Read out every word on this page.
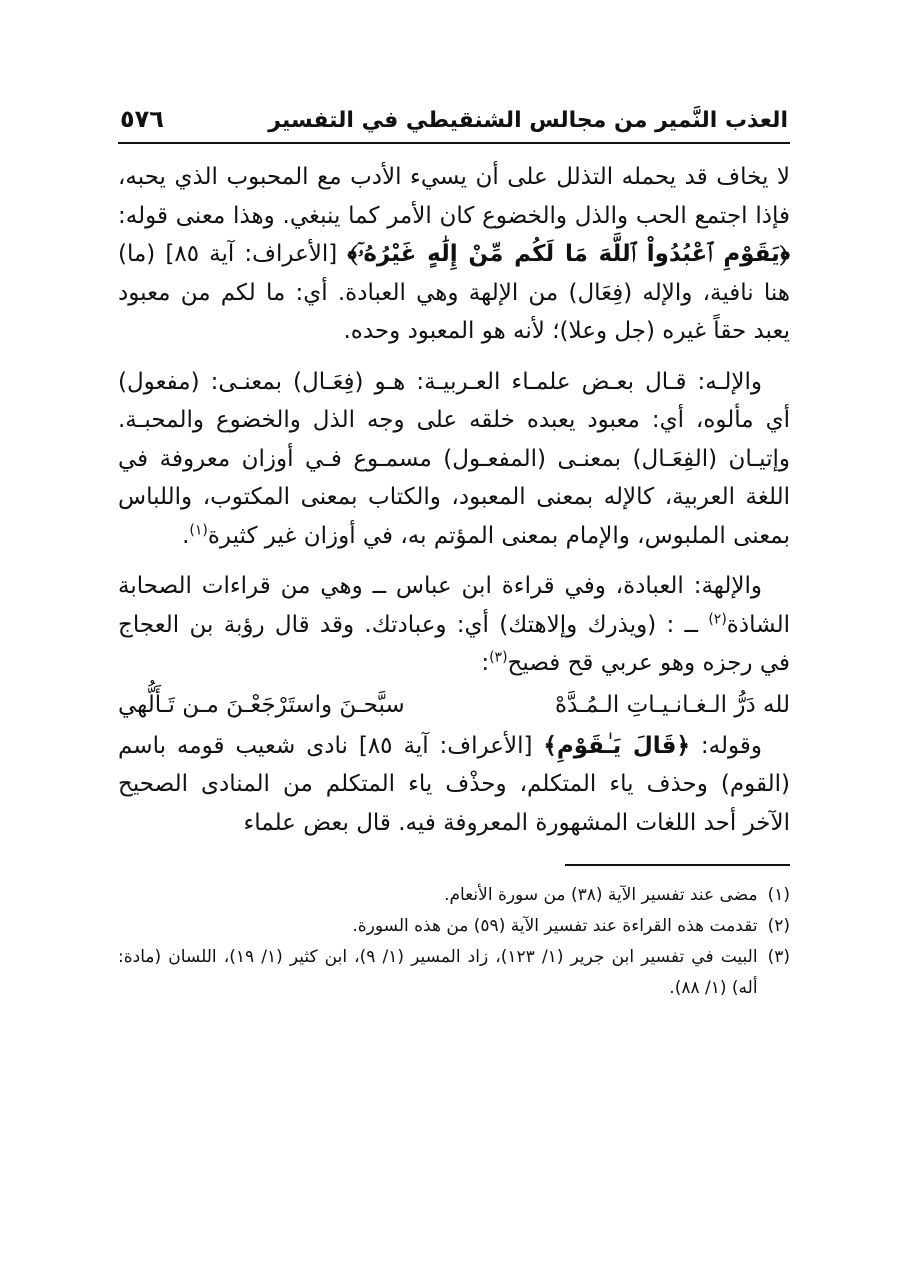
العذب النَّمير من مجالس الشنقيطي في التفسير
٥٧٦

لا يخاف قد يحمله التذلل على أن يسيء الأدب مع المحبوب الذي يحبه، فإذا اجتمع الحب والذل والخضوع كان الأمر كما ينبغي. وهذا معنى قوله: ﴿يَقَوْمِ ٱعْبُدُواْ ٱللَّهَ مَا لَكُم مِّنْ إِلَٰهٍ غَيْرُهُۥٓ﴾ [الأعراف: آية ٨٥] (ما) هنا نافية، والإله (فِعَال) من الإلهة وهي العبادة. أي: ما لكم من معبود يعبد حقاً غيره (جل وعلا)؛ لأنه هو المعبود وحده.

والإلـه: قـال بعـض علمـاء العـربيـة: هـو (فِعَـال) بمعنـى: (مفعول) أي مألوه، أي: معبود يعبده خلقه على وجه الذل والخضوع والمحبـة. وإتيـان (الفِعَـال) بمعنـى (المفعـول) مسمـوع فـي أوزان معروفة في اللغة العربية، كالإله بمعنى المعبود، والكتاب بمعنى المكتوب، واللباس بمعنى الملبوس، والإمام بمعنى المؤتم به، في أوزان غير كثيرة$^{(١)}$.

والإلهة: العبادة، وفي قراءة ابن عباس ــ وهي من قراءات الصحابة الشاذة$^{(٢)}$ ــ : (ويذرك وإلاهتك) أي: وعبادتك. وقد قال رؤبة بن العجاج في رجزه وهو عربي قح فصيح$^{(٣)}$:

لله دَرُّ الـغـانـيـاتِ الـمُـدَّهْ
سبَّحـنَ واستَرْجَعْـنَ مـن تَـأَلُّهي

وقوله: ﴿قَالَ يَـٰقَوْمِ﴾ [الأعراف: آية ٨٥] نادى شعيب قومه باسم (القوم) وحذف ياء المتكلم، وحذْف ياء المتكلم من المنادى الصحيح الآخر أحد اللغات المشهورة المعروفة فيه. قال بعض علماء

(١)
مضى عند تفسير الآية (٣٨) من سورة الأنعام.
(٢)
تقدمت هذه القراءة عند تفسير الآية (٥٩) من هذه السورة.
(٣)
البيت في تفسير ابن جرير (١/ ١٢٣)، زاد المسير (١/ ٩)، ابن كثير (١/ ١٩)، اللسان (مادة: أله) (١/ ٨٨).
